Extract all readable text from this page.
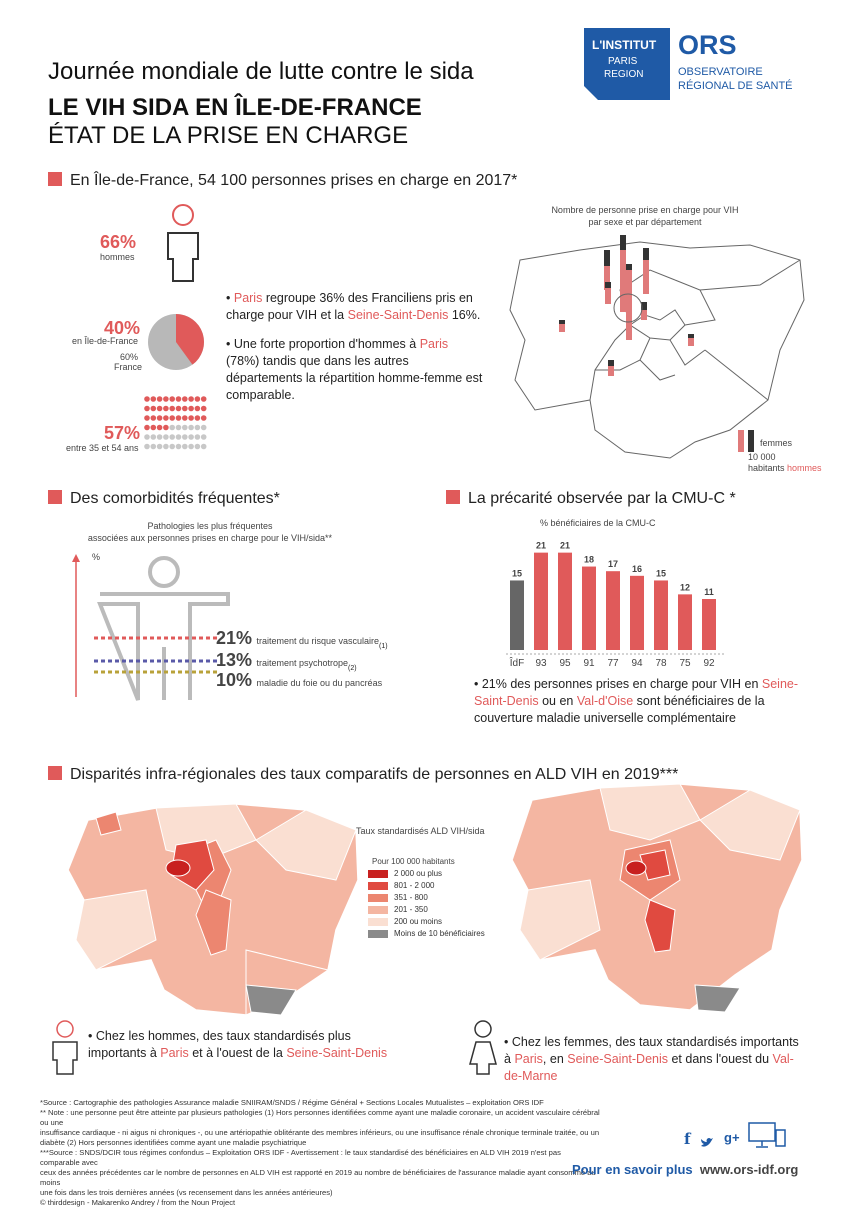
Journée mondiale de lutte contre le sida
LE VIH SIDA EN ÎLE-DE-FRANCE
ÉTAT DE LA PRISE EN CHARGE
L'INSTITUT
PARIS
REGION
ORS
OBSERVATOIRE
RÉGIONAL DE SANTÉ
En Île-de-France, 54 100 personnes prises en charge en 2017*
66%
hommes
40%
en Île-de-France
60%
France
57%
entre 35 et 54 ans
• Paris regroupe 36% des Franciliens pris en charge pour VIH et la Seine-Saint-Denis 16%.
• Une forte proportion d'hommes à Paris (78%) tandis que dans les autres départements la répartition homme-femme est comparable.
Nombre de personne prise en charge pour VIH
par sexe et par département
femmes
10 000 habitants hommes
Des comorbidités fréquentes*
Pathologies les plus fréquentes
associées aux personnes prises en charge pour le VIH/sida**
%
21% traitement du risque vasculaire$_{(1)}$
13% traitement psychotrope$_{(2)}$
10% maladie du foie ou du pancréas
La précarité observée par la CMU-C *
% bénéficiaires de la CMU-C
15
ÎdF
21
93
21
95
18
91
17
77
16
94
15
78
12
75
11
92
• 21% des personnes prises en charge pour VIH en Seine-Saint-Denis ou en Val-d'Oise sont bénéficiaires de la couverture maladie universelle complémentaire
Disparités infra-régionales des taux comparatifs de personnes en ALD VIH en 2019***
Taux standardisés ALD VIH/sida
Pour 100 000 habitants
2 000 ou plus
801 - 2 000
351 - 800
201 - 350
200 ou moins
Moins de 10 bénéficiaires
• Chez les hommes, des taux standardisés plus importants à Paris et à l'ouest de la Seine-Saint-Denis
• Chez les femmes, des taux standardisés importants à Paris, en Seine-Saint-Denis et dans l'ouest du Val-de-Marne
*Source : Cartographie des pathologies Assurance maladie SNIIRAM/SNDS / Régime Général + Sections Locales Mutualistes – exploitation ORS IDF
** Note : une personne peut être atteinte par plusieurs pathologies (1) Hors personnes identifiées comme ayant une maladie coronaire, un accident vasculaire cérébral ou une
insuffisance cardiaque - ni aigus ni chroniques -, ou une artériopathie oblitérante des membres inférieurs, ou une insuffisance rénale chronique terminale traitée, ou un
diabète (2) Hors personnes identifiées comme ayant une maladie psychiatrique
***Source : SNDS/DCIR tous régimes confondus – Exploitation ORS IDF - Avertissement : le taux standardisé des bénéficiaires en ALD VIH 2019 n'est pas comparable avec
ceux des années précédentes car le nombre de personnes en ALD VIH est rapporté en 2019 au nombre de bénéficiaires de l'assurance maladie ayant consommé au moins
une fois dans les trois dernières années (vs recensement dans les années antérieures)
© thirddesign - Makarenko Andrey / from the Noun Project
f	g+
Pour en savoir plus www.ors-idf.org
